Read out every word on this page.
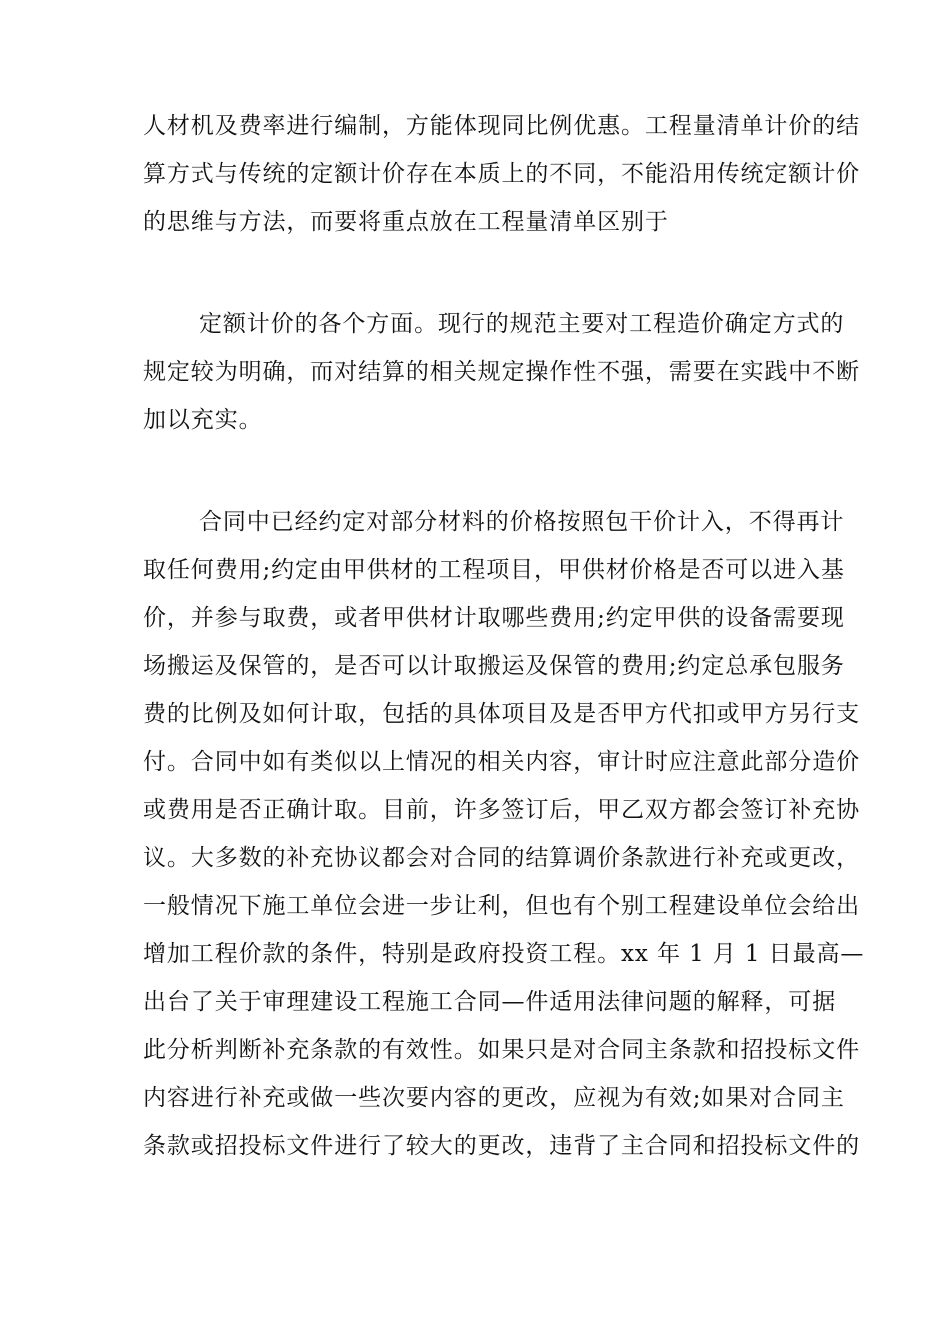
人材机及费率进行编制，方能体现同比例优惠。工程量清单计价的结

算方式与传统的定额计价存在本质上的不同，不能沿用传统定额计价

的思维与方法，而要将重点放在工程量清单区别于

定额计价的各个方面。现行的规范主要对工程造价确定方式的

规定较为明确，而对结算的相关规定操作性不强，需要在实践中不断

加以充实。

合同中已经约定对部分材料的价格按照包干价计入，不得再计

取任何费用;约定由甲供材的工程项目，甲供材价格是否可以进入基

价，并参与取费，或者甲供材计取哪些费用;约定甲供的设备需要现

场搬运及保管的，是否可以计取搬运及保管的费用;约定总承包服务

费的比例及如何计取，包括的具体项目及是否甲方代扣或甲方另行支

付。合同中如有类似以上情况的相关内容，审计时应注意此部分造价

或费用是否正确计取。目前，许多签订后，甲乙双方都会签订补充协

议。大多数的补充协议都会对合同的结算调价条款进行补充或更改，

一般情况下施工单位会进一步让利，但也有个别工程建设单位会给出

增加工程价款的条件，特别是政府投资工程。xx 年 1 月 1 日最高—

出台了关于审理建设工程施工合同—件适用法律问题的解释，可据

此分析判断补充条款的有效性。如果只是对合同主条款和招投标文件

内容进行补充或做一些次要内容的更改，应视为有效;如果对合同主

条款或招投标文件进行了较大的更改，违背了主合同和招投标文件的
